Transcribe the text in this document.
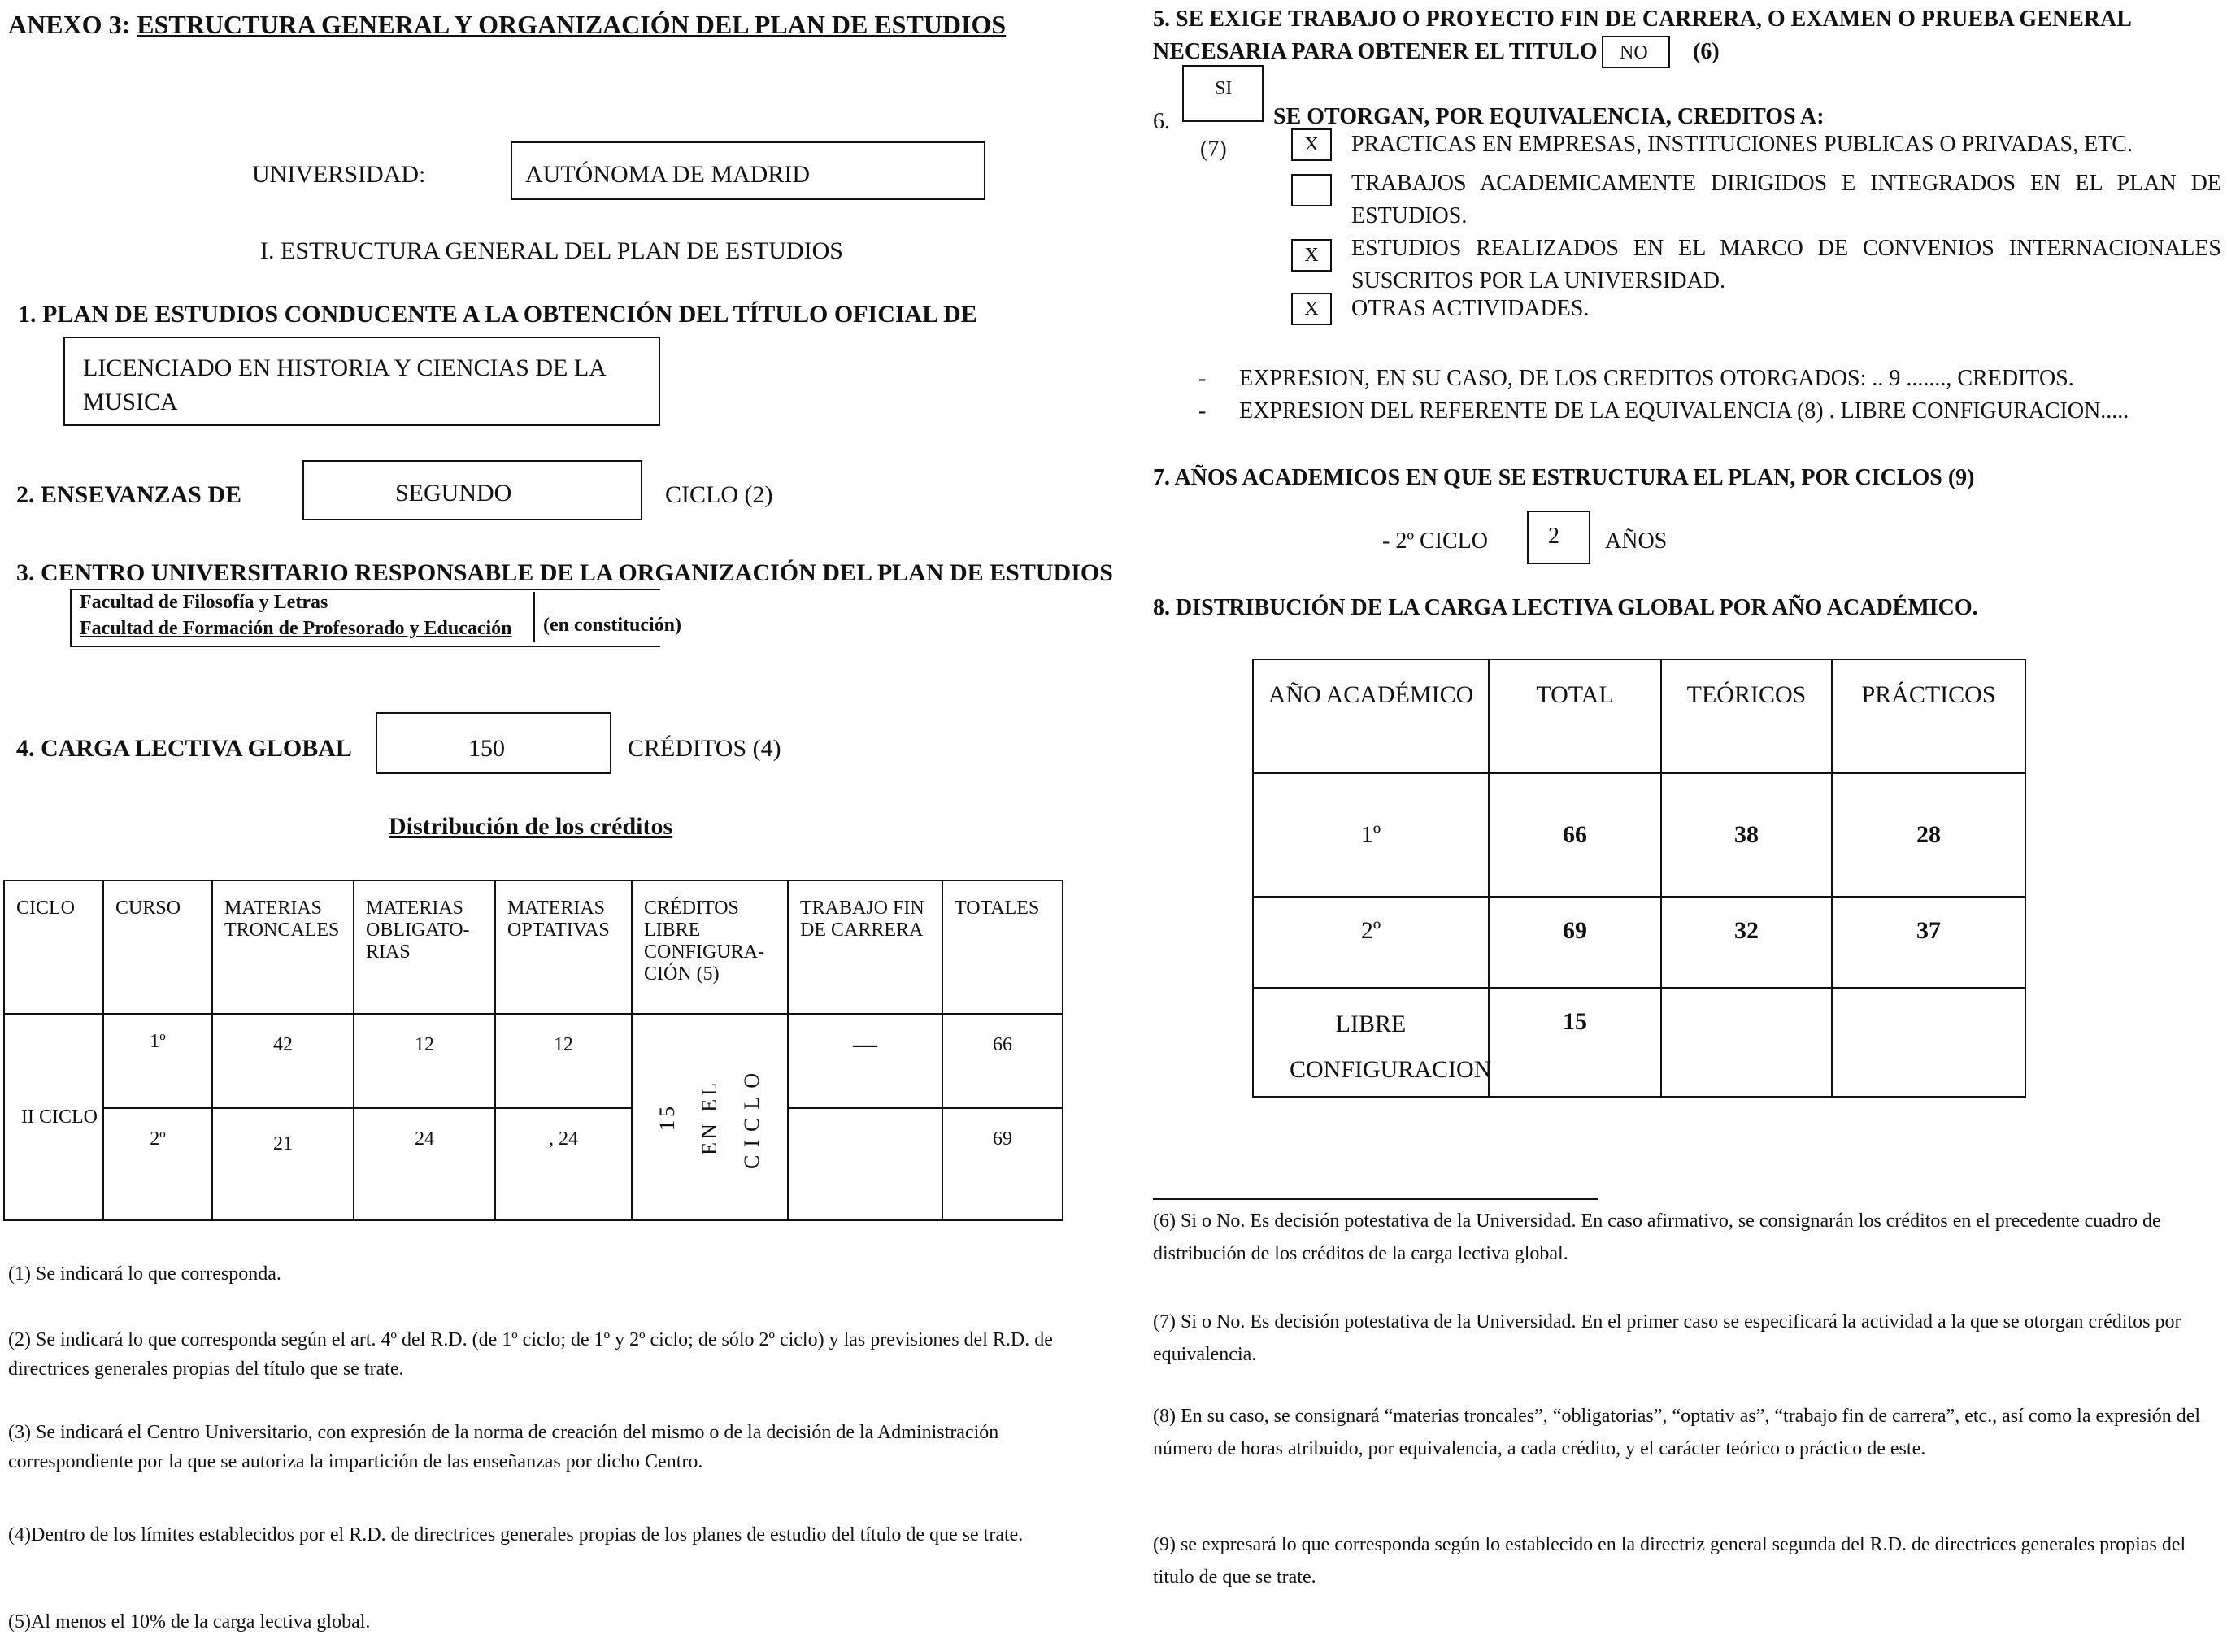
ANEXO 3: ESTRUCTURA GENERAL Y ORGANIZACIÓN DEL PLAN DE ESTUDIOS
UNIVERSIDAD:	AUTÓNOMA DE MADRID
I. ESTRUCTURA GENERAL DEL PLAN DE ESTUDIOS
1. PLAN DE ESTUDIOS CONDUCENTE A LA OBTENCIÓN DEL TÍTULO OFICIAL DE
LICENCIADO EN HISTORIA Y CIENCIAS DE LA MUSICA
2. ENSEVANZAS DE	SEGUNDO	CICLO (2)
3. CENTRO UNIVERSITARIO RESPONSABLE DE LA ORGANIZACIÓN DEL PLAN DE ESTUDIOS
Facultad de Filosofía y Letras
Facultad de Formación de Profesorado y Educación (en constitución)
4. CARGA LECTIVA GLOBAL	150	CRÉDITOS (4)
Distribución de los créditos
CICLO	CURSO	MATERIAS TRONCALES	MATERIAS OBLIGATO-RIAS	MATERIAS OPTATIVAS	CRÉDITOS LIBRE CONFIGURA-CIÓN (5)	TRABAJO FIN DE CARRERA	TOTALES
II CICLO	1º	42	12	12	15 EN EL CICLO	—	66
	2º	21	24	, 24			69
(1) Se indicará lo que corresponda.
(2) Se indicará lo que corresponda según el art. 4º del R.D. (de 1º ciclo; de 1º y 2º ciclo; de sólo 2º ciclo) y las previsiones del R.D. de directrices generales propias del título que se trate.
(3) Se indicará el Centro Universitario, con expresión de la norma de creación del mismo o de la decisión de la Administración correspondiente por la que se autoriza la impartición de las enseñanzas por dicho Centro.
(4)Dentro de los límites establecidos por el R.D. de directrices generales propias de los planes de estudio del título de que se trate.
(5)Al menos el 10% de la carga lectiva global.
5. SE EXIGE TRABAJO O PROYECTO FIN DE CARRERA, O EXAMEN O PRUEBA GENERAL
NECESARIA PARA OBTENER EL TITULO NO (6)
6.
SI
SE OTORGAN, POR EQUIVALENCIA, CREDITOS A:
(7)	X	PRACTICAS EN EMPRESAS, INSTITUCIONES PUBLICAS O PRIVADAS, ETC.
TRABAJOS ACADEMICAMENTE DIRIGIDOS E INTEGRADOS EN EL PLAN DE ESTUDIOS.
X	ESTUDIOS REALIZADOS EN EL MARCO DE CONVENIOS INTERNACIONALES SUSCRITOS POR LA UNIVERSIDAD.
X	OTRAS ACTIVIDADES.
- EXPRESION, EN SU CASO, DE LOS CREDITOS OTORGADOS: .. 9 ......., CREDITOS.
- EXPRESION DEL REFERENTE DE LA EQUIVALENCIA (8) . LIBRE CONFIGURACION.....
7. AÑOS ACADEMICOS EN QUE SE ESTRUCTURA EL PLAN, POR CICLOS (9)
- 2º CICLO	2 AÑOS
8. DISTRIBUCIÓN DE LA CARGA LECTIVA GLOBAL POR AÑO ACADÉMICO.
AÑO ACADÉMICO	TOTAL	TEÓRICOS	PRÁCTICOS
1º	66	38	28
2º	69	32	37

LIBRE CONFIGURACION	15		
(6) Si o No. Es decisión potestativa de la Universidad. En caso afirmativo, se consignarán los créditos en el precedente cuadro de distribución de los créditos de la carga lectiva global.
(7) Si o No. Es decisión potestativa de la Universidad. En el primer caso se especificará la actividad a la que se otorgan créditos por equivalencia.
(8) En su caso, se consignará “materias troncales”, “obligatorias”, “optativ as”, “trabajo fin de carrera”, etc., así como la expresión del número de horas atribuido, por equivalencia, a cada crédito, y el carácter teórico o práctico de este.
(9) se expresará lo que corresponda según lo establecido en la directriz general segunda del R.D. de directrices generales propias del titulo de que se trate.
